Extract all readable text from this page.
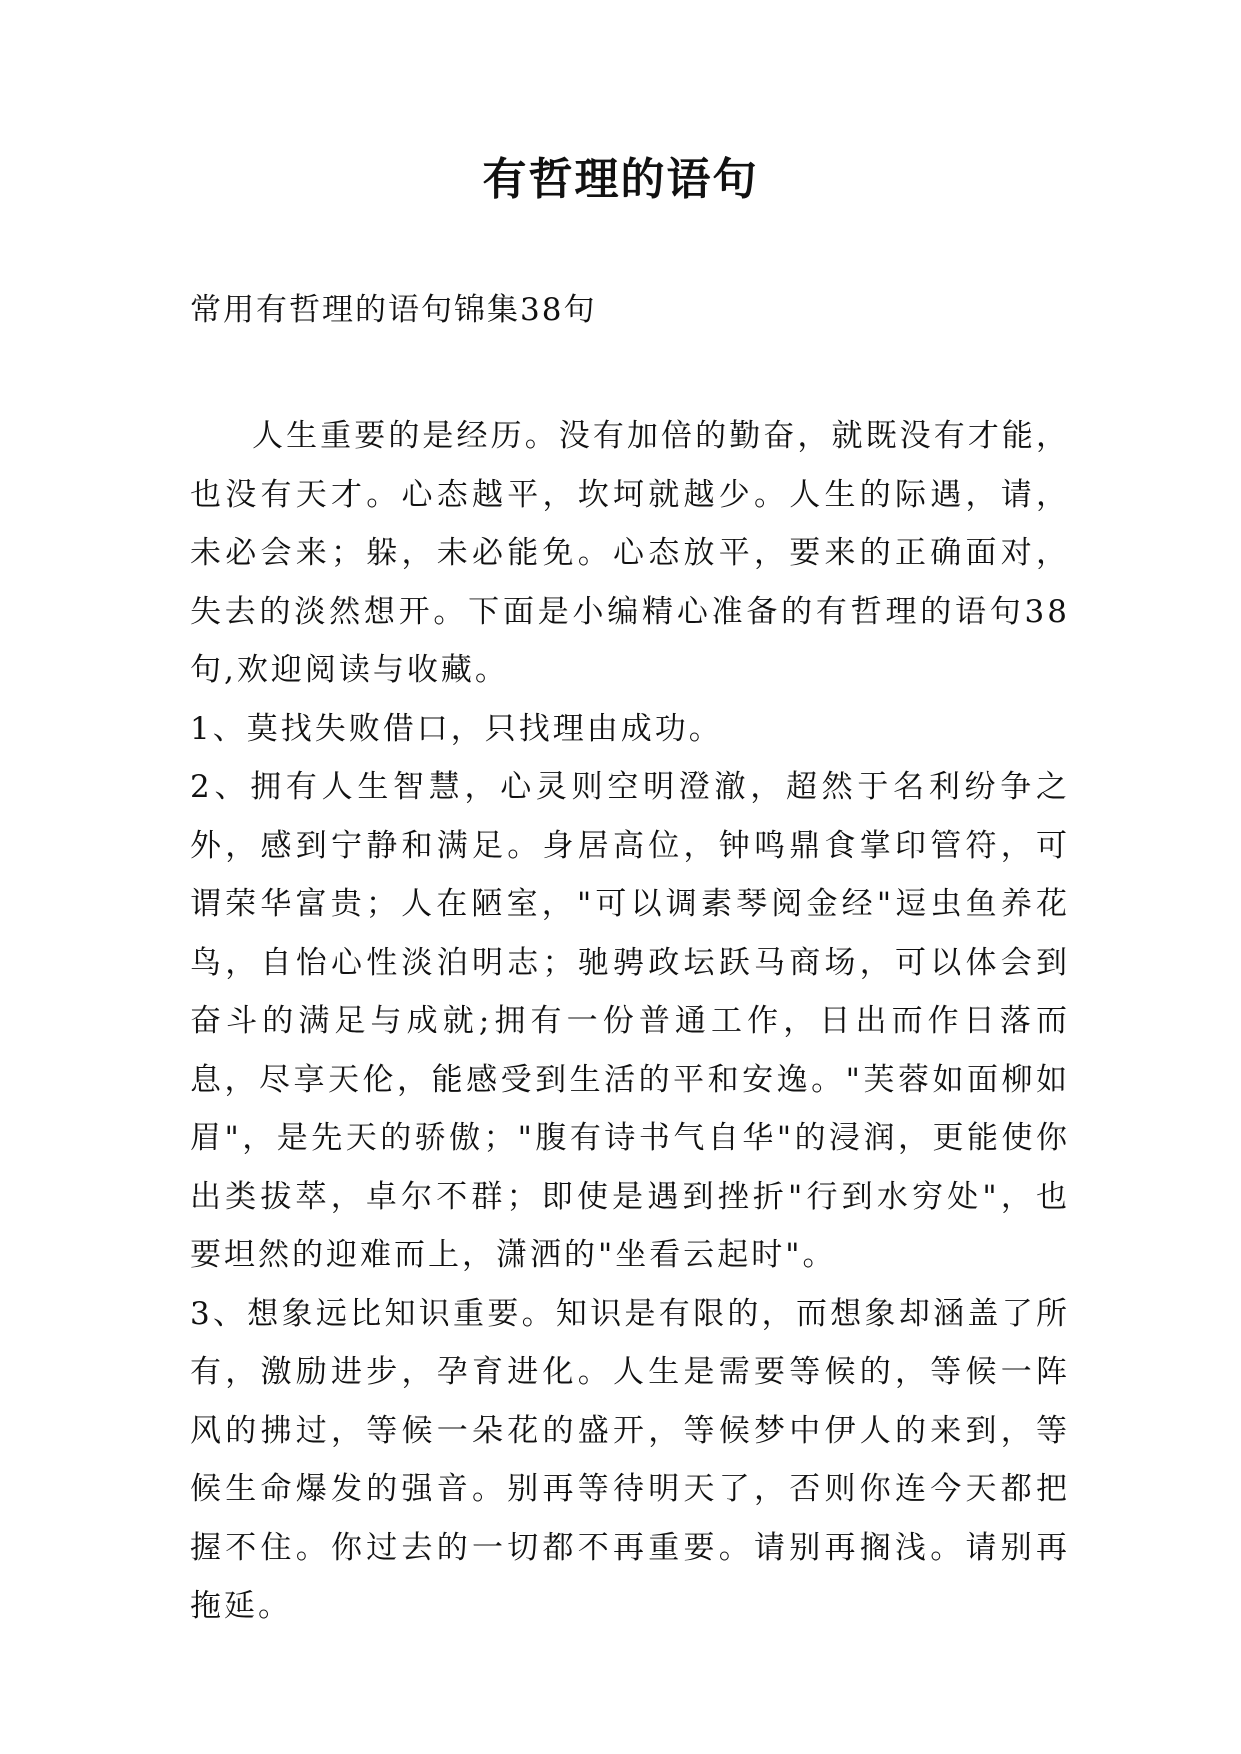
有哲理的语句

常用有哲理的语句锦集38句

人生重要的是经历。没有加倍的勤奋，就既没有才能，也没有天才。心态越平，坎坷就越少。人生的际遇，请，未必会来；躲，未必能免。心态放平，要来的正确面对，失去的淡然想开。下面是小编精心准备的有哲理的语句38句,欢迎阅读与收藏。

1、莫找失败借口，只找理由成功。

2、拥有人生智慧，心灵则空明澄澈，超然于名利纷争之外，感到宁静和满足。身居高位，钟鸣鼎食掌印管符，可谓荣华富贵；人在陋室，"可以调素琴阅金经"逗虫鱼养花鸟，自怡心性淡泊明志；驰骋政坛跃马商场，可以体会到奋斗的满足与成就;拥有一份普通工作，日出而作日落而息，尽享天伦，能感受到生活的平和安逸。"芙蓉如面柳如眉"，是先天的骄傲；"腹有诗书气自华"的浸润，更能使你出类拔萃，卓尔不群；即使是遇到挫折"行到水穷处"，也要坦然的迎难而上，潇洒的"坐看云起时"。

3、想象远比知识重要。知识是有限的，而想象却涵盖了所有，激励进步，孕育进化。人生是需要等候的，等候一阵风的拂过，等候一朵花的盛开，等候梦中伊人的来到，等候生命爆发的强音。别再等待明天了，否则你连今天都把握不住。你过去的一切都不再重要。请别再搁浅。请别再拖延。
